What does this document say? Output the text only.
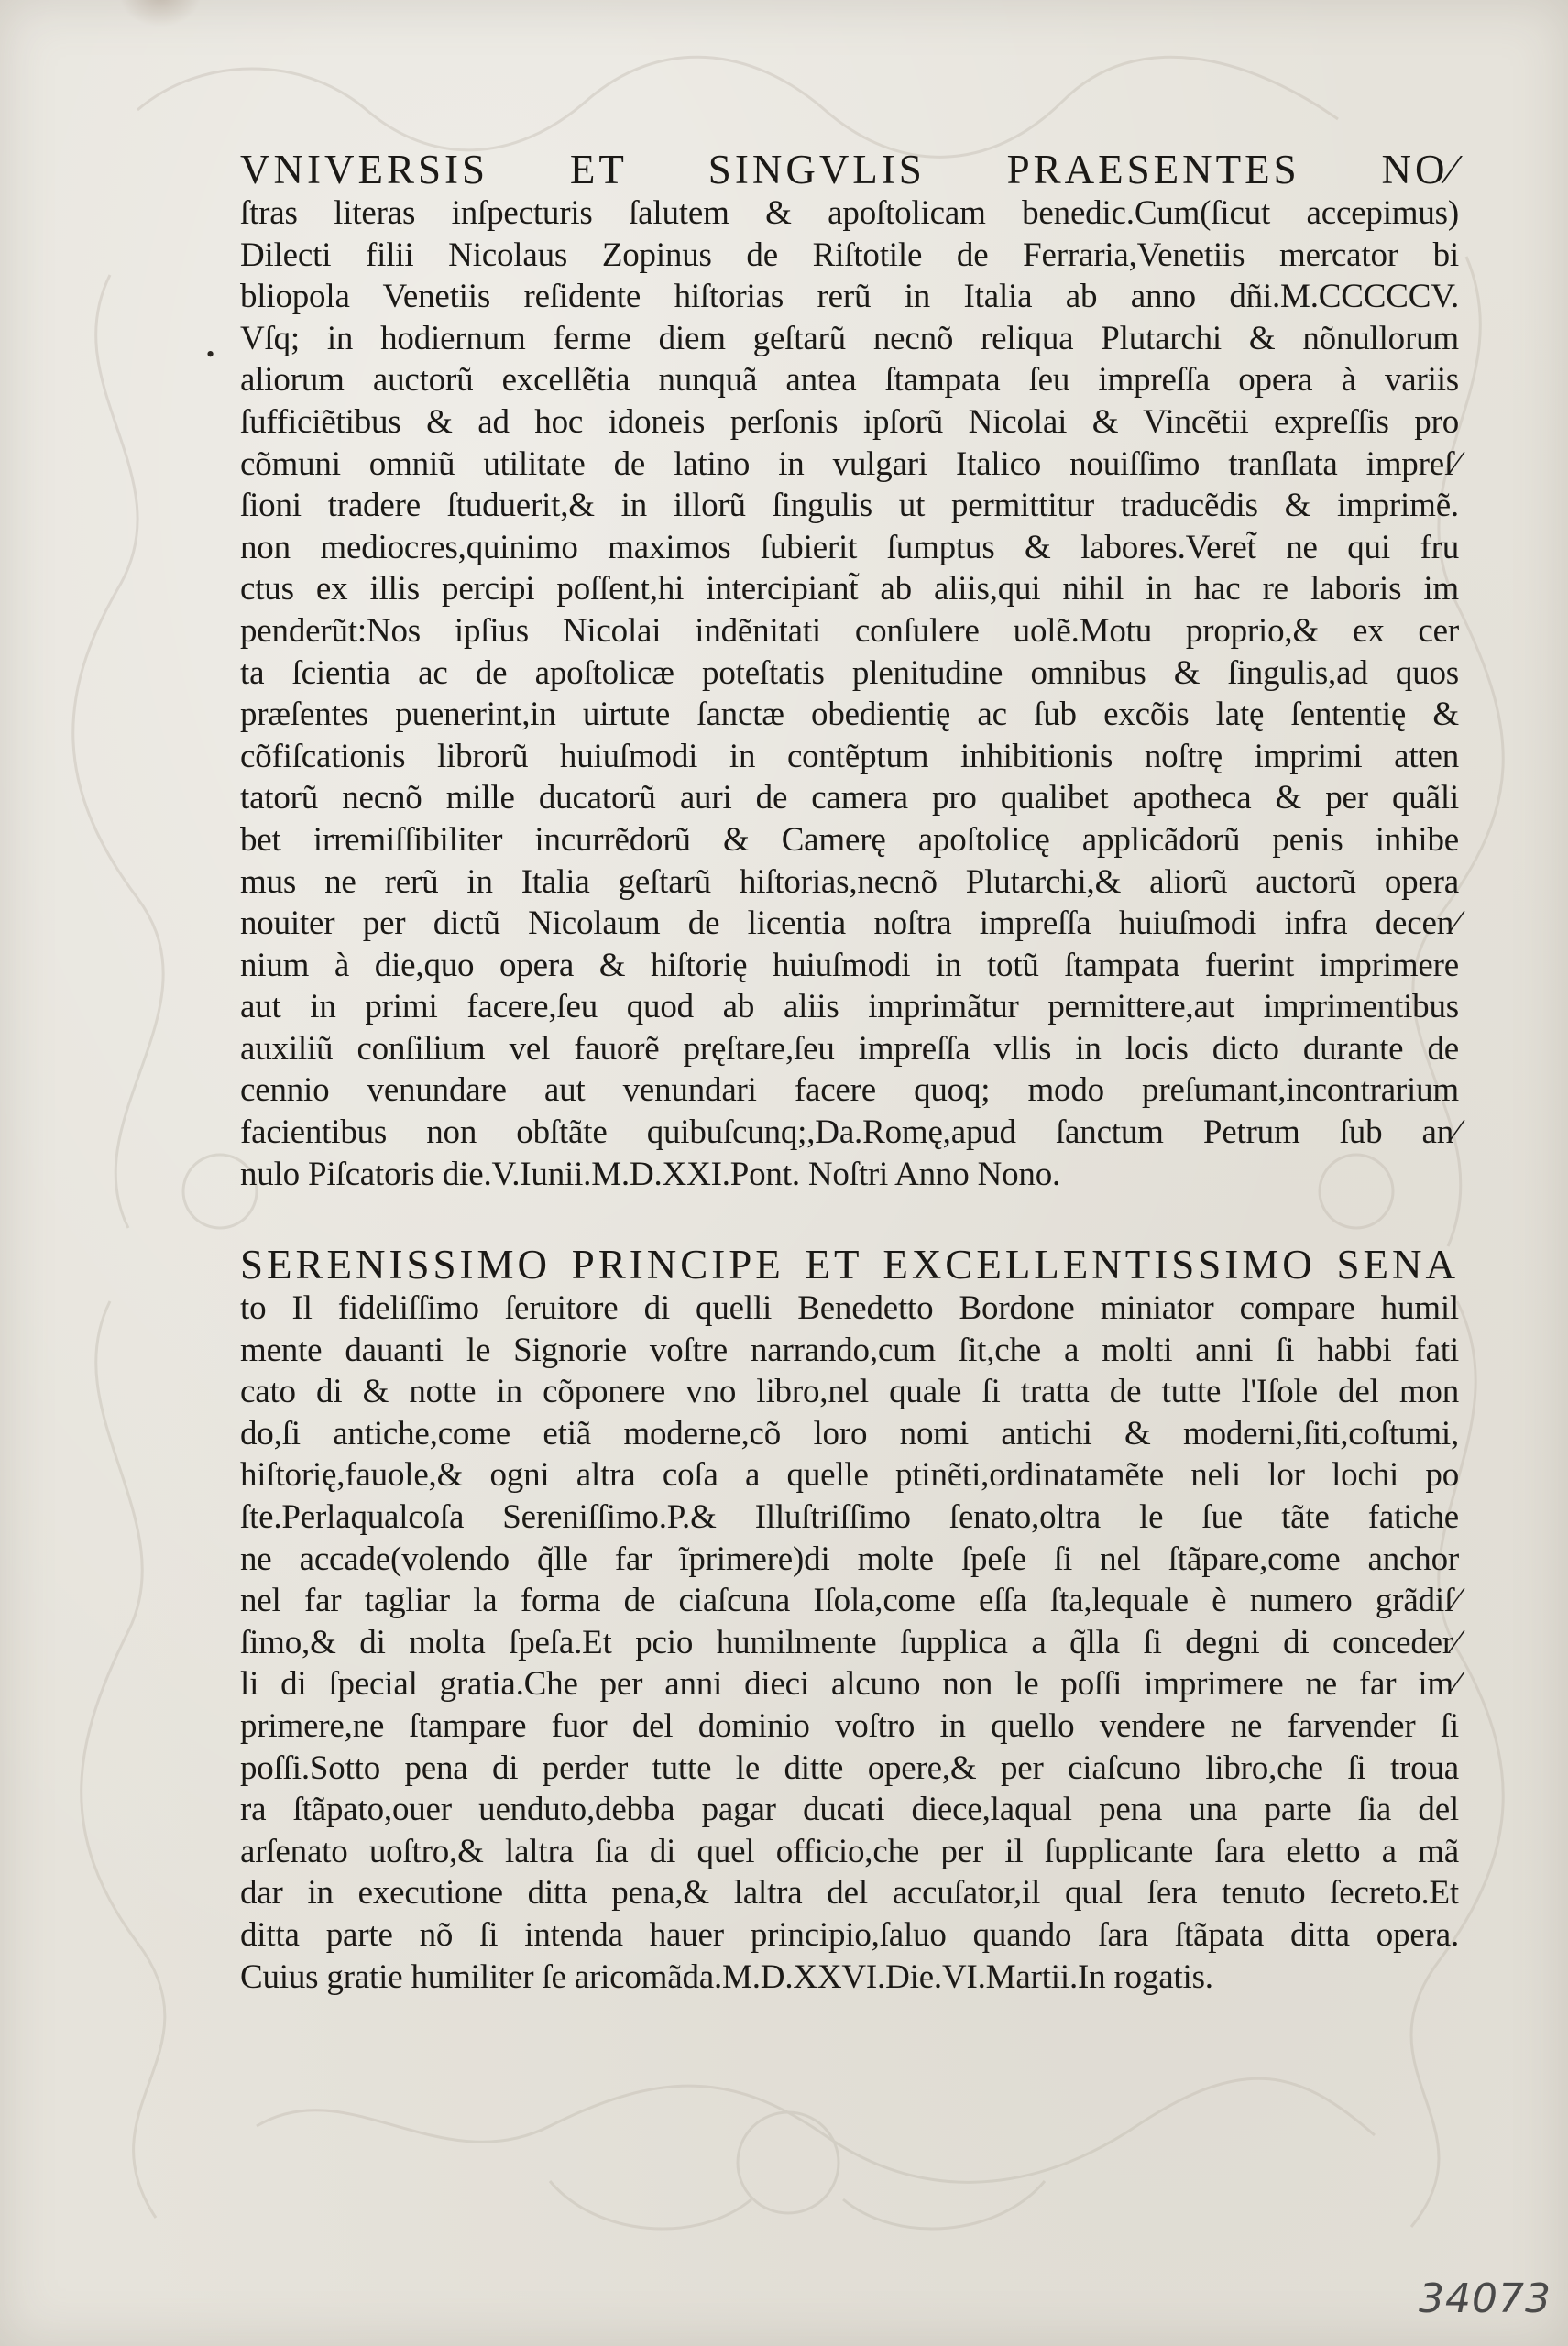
•
VNIVERSIS ET SINGVLIS PRAESENTES NO⁄
ſtras literas inſpecturis ſalutem & apoſtolicam benedic.Cum(ſicut accepimus)
Dilecti filii Nicolaus Zopinus de Riſtotile de Ferraria,Venetiis mercator bi
bliopola Venetiis reſidente hiſtorias rerũ in Italia ab anno dñi.M.CCCCCV.
Vſq; in hodiernum ferme diem geſtarũ necnõ reliqua Plutarchi & nõnullorum
aliorum auctorũ excellẽtia nunquã antea ſtampata ſeu impreſſa opera à variis
ſufficiẽtibus & ad hoc idoneis perſonis ipſorũ Nicolai & Vincẽtii expreſſis pro
cõmuni omniũ utilitate de latino in vulgari Italico nouiſſimo tranſlata impreſ⁄
ſioni tradere ſtuduerit,& in illorũ ſingulis ut permittitur traducẽdis & imprimẽ.
non mediocres,quinimo maximos ſubierit ſumptus & labores.Veret̃ ne qui fru
ctus ex illis percipi poſſent,hi intercipiant̃ ab aliis,qui nihil in hac re laboris im
penderũt:Nos ipſius Nicolai indẽnitati conſulere uolẽ.Motu proprio,& ex cer
ta ſcientia ac de apoſtolicæ poteſtatis plenitudine omnibus & ſingulis,ad quos
præſentes puenerint,in uirtute ſanctæ obedientię ac ſub excõis latę ſententię &
cõfiſcationis librorũ huiuſmodi in contẽptum inhibitionis noſtrę imprimi atten
tatorũ necnõ mille ducatorũ auri de camera pro qualibet apotheca & per quãli
bet irremiſſibiliter incurrẽdorũ & Camerę apoſtolicę applicãdorũ penis inhibe
mus ne rerũ in Italia geſtarũ hiſtorias,necnõ Plutarchi,& aliorũ auctorũ opera
nouiter per dictũ Nicolaum de licentia noſtra impreſſa huiuſmodi infra decen⁄
nium à die,quo opera & hiſtorię huiuſmodi in totũ ſtampata fuerint imprimere
aut in primi facere,ſeu quod ab aliis imprimãtur permittere,aut imprimentibus
auxiliũ conſilium vel fauorẽ pręſtare,ſeu impreſſa vllis in locis dicto durante de
cennio venundare aut venundari facere quoq; modo preſumant,incontrarium
facientibus non obſtãte quibuſcunq;,Da.Romę,apud ſanctum Petrum ſub an⁄
nulo Piſcatoris die.V.Iunii.M.D.XXI.Pont. Noſtri Anno Nono.
SERENISSIMO PRINCIPE ET EXCELLENTISSIMO SENA
to Il fideliſſimo ſeruitore di quelli Benedetto Bordone miniator compare humil
mente dauanti le Signorie voſtre narrando,cum ſit,che a molti anni ſi habbi fati
cato di & notte in cõponere vno libro,nel quale ſi tratta de tutte l'Iſole del mon
do,ſi antiche,come etiã moderne,cõ loro nomi antichi & moderni,ſiti,coſtumi,
hiſtorię,fauole,& ogni altra coſa a quelle ptinẽti,ordinatamẽte neli lor lochi po
ſte.Perlaqualcoſa Sereniſſimo.P.& Illuſtriſſimo ſenato,oltra le ſue tãte fatiche
ne accade(volendo q̃lle far ĩprimere)di molte ſpeſe ſi nel ſtãpare,come anchor
nel far tagliar la forma de ciaſcuna Iſola,come eſſa ſta,lequale è numero grãdiſ⁄
ſimo,& di molta ſpeſa.Et pcio humilmente ſupplica a q̃lla ſi degni di conceder⁄
li di ſpecial gratia.Che per anni dieci alcuno non le poſſi imprimere ne far im⁄
primere,ne ſtampare fuor del dominio voſtro in quello vendere ne farvender ſi
poſſi.Sotto pena di perder tutte le ditte opere,& per ciaſcuno libro,che ſi troua
ra ſtãpato,ouer uenduto,debba pagar ducati diece,laqual pena una parte ſia del
arſenato uoſtro,& laltra ſia di quel officio,che per il ſupplicante ſara eletto a mã
dar in executione ditta pena,& laltra del accuſator,il qual ſera tenuto ſecreto.Et
ditta parte nõ ſi intenda hauer principio,ſaluo quando ſara ſtãpata ditta opera.
Cuius gratie humiliter ſe aricomãda.M.D.XXVI.Die.VI.Martii.In rogatis.
34073
